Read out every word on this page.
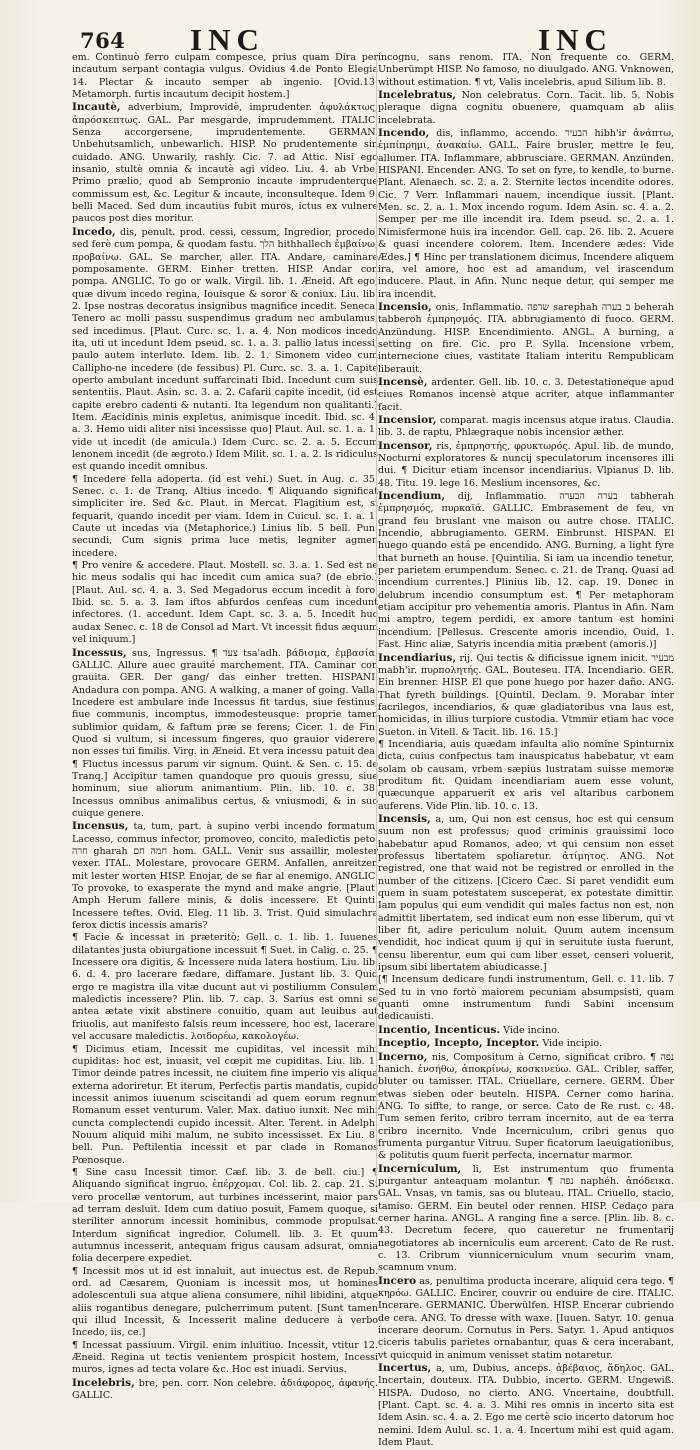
764 INC	INC

em. Continuò ferro culpam compesce, prius quam Dira per incautum serpant contagia vulgus. Ovidius 4.de Ponto Elegia 14. Plectar & incauto semper ab ingenio. [Ovid.13. Metamorph. furtis incautum decipit hostem.]

Incautè, adverbium, Improvidè, imprudenter. ἀφυλάκτως, ἀπρόσκεπτως. GAL. Par mesgarde, imprudemment. ITALIC. Senza accorgersene, imprudentemente. GERMAN. Unbehutsamlich, unbewarlich. HISP. No prudentemente sin cuidado. ANG. Unwarily, rashly. Cic. 7. ad Attic. Nisi ego insanio, stultè omnia & incautè agi video. Liu. 4. ab Vrbe, Primo prælio, quod ab Sempronio incaute imprudenterque commissum est, &c. Legitur & incaute, inconsulteque. Idem 9. belli Maced. Sed dum incautius fubit muros, ictus ex vulnere paucos post dies moritur.

Incedo, dis, penult. prod. cessi, cessum, Ingredior, procedo, sed ferè cum pompa, & quodam fastu. הלך hithhallech ἐμβαίνω, προβαίνω. GAL. Se marcher, aller. ITA. Andare, caminare pomposamente. GERM. Einher tretten. HISP. Andar con pompa. ANGLIC. To go or walk. Virgil. lib. 1. Æneid. Aft ego, quæ divum incedo regina, Iouisque & soror & coniux. Liu. lib. 2. Ipse nostras decoratus insignibus magnifice incedit. Seneca. Tenero ac molli passu suspendimus gradum nec ambulamus, sed incedimus. [Plaut. Curc. sc. 1. a. 4. Non modicos incedo ita, uti ut incedunt Idem pseud. sc. 1. a. 3. pallio latus incessi, paulo autem interluto. Idem. lib. 2. 1. Simonem video cum Callipho-ne incedere (de fessibus) Pl. Curc. sc. 3. a. 1. Capite operto ambulant incedunt suffarcinati Ibid. Incedunt cum suis sententiis. Plaut. Asin. sc. 3. a. 2. Cafarii capite incedit, (id est capite erebro cadenti & nutanti. Ita legendum non qualitanti.) Item. Æacidinis minis expletus, animisque incedit. Ibid. sc. 4. a. 3. Hemo uidi aliter nisi incessisse quo] Plaut. Aul. sc. 1. a. 1. vide ut incedit (de amicula.) Idem Curc. sc. 2. a. 5. Eccum lenonem incedit (de ægroto.) Idem Milit. sc. 1. a. 2. ls ridiculus est quando incedit omnibus.

¶ Incedere fella adoperta. (id est vehi.) Suet. in Aug. c. 35. Senec. c. 1. de Tranq. Altius incedo. ¶ Aliquando significat simpliciter ire. Sed &c. Plaut. in Mercat. Flagitium est, si fequarit, quando incedit per viam. Idem in Cuicul. sc. 1. a. 1. Caute ut incedas via (Metaphorice.) Linius lib. 5 bell. Pun. secundi, Cum signis prima luce metis, legniter agmen incedere.

¶ Pro venire & accedere. Plaut. Mostell. sc. 3. a. 1. Sed est ne hic meus sodalis qui hac incedit cum amica sua? (de ebrio.) [Plaut. Aul. sc. 4. a. 3. Sed Megadorus eccum incedit à foro. Ibid. sc. 5. a. 3. Iam iftos abfurdos cenfeas cum incedunt infectores. (1. accedunt. Idem Capt. sc. 3. a. 5. Incedit huc audax Senec. c. 18 de Consol ad Mart. Vt incessit fidus æquum vel iniquum.]

Incessus, sus, Ingressus. ¶ צעד tsa'adh. βάδισμα, ἐμβασία. GALLIC. Allure auec grauité marchement. ITA. Caminar con grauita. GER. Der gang/ das einher tretten. HISPANI. Andadura con pompa. ANG. A walking, a maner of going. Valla. Incedere est ambulare inde Incessus fit tardus, siue festinus, fiue communis, incomptus, immodesteusque: proprie tamen sublimior quidam, & faftum præ se ferens; Cicer. 1. de Fin. Quod si vultum, si incessum fingeres, quo grauior viderere, non esses tui fimilis. Virg. in Æneid. Et vera incessu patuit dea. ¶ Fluctus incessus parum vir signum. Quint. & Sen. c. 15. de Tranq.] Accipitur tamen quandoque pro quouis gressu, siue hominum, siue aliorum animantium. Plin. lib. 10. c. 38. Incessus omnibus animalibus certus, & vniusmodi, & in suo cuique genere.

Incensus, ta, tum, part. à supino verbi incendo formatum. Lacesso, commus infector, promoveo, concito, maledictis peto. חרה gharah חמה חם hom. GALL. Venir sus assaillir, molester vexer. ITAL. Molestare, provocare GERM. Anfallen, anreitzen mit lester worten HISP. Enojar, de se fiar al enemigo. ANGLIC. To provoke, to exasperate the mynd and make angrie. [Plaut. Amph Herum fallere minis, & dolis incessere. Et Quinti. Incessere teftes. Ovid. Eleg. 11 lib. 3. Trist. Quid simulachra ferox dictis incessis amaris?

¶ Facie & incessat in præteritò; Gell. c. 1. lib. 1. Iuuenes dilatantes justa obiurgatione incessuit ¶ Suet. in Calig. c. 25. ¶ Incessere ora digitis, & Incessere nuda latera hostium. Liu. lib. 6. d. 4. pro lacerare fædare, diffamare. Justant lib. 3. Quid ergo re magistra illa vitæ ducunt aut vi postiliumm Consulem maledictis incessere? Plin. lib. 7. cap. 3. Sarius est omni se antea ætate vixit abstinere conuitio, quam aut leuibus aut friuolis, aut manifesto falsis reum incessere, hoc est, lacerare, vel accusare maledictis. λοιδορέω, κακολογέω.

¶ Dicimus etiam, Incessit me cupiditas, vel incessit mihi cupiditas: hoc est, inuasit, vel cœpit me cupiditas. Liu. lib. 1. Timor deinde patres incessit, ne ciuitem fine imperio vis aliqua externa adoriretur. Et iterum, Perfectis partis mandatis, cupido incessit animos iuuenum sciscitandi ad quem eorum regnum Romanum esset venturum. Valer. Max. datiuo iunxit. Nec mihi cuncta complectendi cupido incessit. Alter. Terent. in Adelph. Nouum aliquid mihi malum, ne subito incessisset. Ex Liu. 8. bell. Pun. Peftilentia incessit et par clade in Romanos Pœnosque.

¶ Sine casu Incessit timor. Cæf. lib. 3. de bell. ciu.] ¶ Aliquando significat ingruo. ἐπέρχομαι. Col. lib. 2. cap. 21. Si vero procellæ ventorum, aut turbines incesserint, maior pars ad terram desluit. Idem cum datiuo posuit, Famem quoque, si steriliter annorum incessit hominibus, commode propulsat. Interdum significat ingredior. Columell. lib. 3. Et quum autumnus incesserit, antequam frigus causam adsurat, omnia folia decerpere expediet.

¶ Incessit mos ut id est innaluit, aut inuectus est. de Repub. ord. ad Cæsarem, Quoniam is incessit mos, ut homines adolescentuli sua atque aliena consumere, nihil libidini, atque aliis rogantibus denegare, pulcherrimum putent. [Sunt tamen qui illud Incessit, & Incesserit maline deducere à verbo Incedo, iis, ce.]

¶ Incessat passiuum. Virgil. enim inluitiuo. Incessit, vtitur 12. Æneid. Regina ut tectis venientem prospicit hostem, Incessi muros, ignes ad tecta volare &c. Hoc est inuadi. Servius.

Incelebris, bre, pen. corr. Non celebre. ἀδιάφορος, ἀφανής. GALLIC.

incognu, sans renom. ITA. Non frequente co. GERM. Unberümpt HISP. No famoso, no diuulgado. ANG. Vnknowen, without estimation. ¶ vt, Valis incelebris. apud Silium lib. 8.

Incelebratus, Non celebratus. Corn. Tacit. lib. 5. Nobis pleraque digna cognitu obuenere, quamquam ab aliis incelebrata.

Incendo, dis, inflammo, accendo. הבעיר hibh'ir ἀνάπτω, ἐμπίπρημι, ἀνακαίω. GALL. Faire brusler, mettre le feu, allumer. ITA. Inflammare, abbrusciare. GERMAN. Anzünden. HISPANI. Encender. ANG. To set on fyre, to kendle, to burne. Plant. Alenaech. sc. 2. a. 2. Sternite lectos incendite odores. Cic. 7 Verr. Inflammari nauem, incendique iussit. [Plant. Men. sc. 2. a. 1. Mox incendo rogum. Idem Asin. sc. 4. a. 2. Semper per me ille incendit ira. Idem pseud. sc. 2. a. 1. Nimisfermone huis ira incendor. Gell. cap. 26. lib. 2. Acuere & quasi incendere colorem. Item. Incendere ædes: Vide Ædes.] ¶ Hinc per translationem dicimus, Incendere aliquem ira, vel amore, hoc est ad amandum, vel irascendum inducere. Plaut. in Afin. Nunc neque detur, qui semper me ira incendit.

Incensio, onis, Inflammatio. שרפה sarephah ב בערה beherah tabberoh ἐμπρησμός. ITA. abbrugiamento di fuoco. GERM. Anzündung. HISP. Encendimiento. ANGL. A burning, a setting on fire. Cic. pro P. Sylla. Incensione vrbem, internecione ciues, vastitate Italiam interitu Rempublicam liberauit.

Incensè, ardenter. Gell. lib. 10. c. 3. Detestationeque apud ciues Romanos incensè atque acriter, atque inflammanter facit.

Incensior, comparat. magis incensus atque iratus. Claudia. lib. 3. de raptu, Phlægraque nobis incensior æther.

Incensor, ris, ἐμπρηστής, φρυκτωρός. Apul. lib. de mundo, Nocturni exploratores & nuncij speculatorum incensores illi dui. ¶ Dicitur etiam incensor incendiarius. Vlpianus D. lib. 48. Titu. 19. lege 16. Meslium incensores, &c.

Incendium, dij, Inflammatio. בערה הבערה tabherah ἐμπρησμός, πυρκαϊά. GALLIC. Embrasement de feu, vn grand feu bruslant vne maison ou autre chose. ITALIC. Incendio, abbrugiamento. GERM. Einbrunst. HISPAN. El huego quando está pe encendido. ANG. Burning, a light fyre that burneth an house. [Quintilia. Si iam ua incendio tenetur, per parietem erumpendum. Senec. c. 21. de Tranq. Quasi ad incendium currentes.] Plinius lib. 12. cap. 19. Donec in delubrum incendio consumptum est. ¶ Per metaphoram etiam accipitur pro vehementia amoris. Plantus in Afin. Nam mi amptro, tegem perdidi, ex amore tantum est homini incendium. [Pellesus. Crescente amoris incendio. Ouid. 1. Fast. Hinc aliæ, Satyris incendia mitia præbent (amoris.)]

Incendiarius, rij. Qui tectis & dificissue ignem inicit. מבעיר mabh'ir. πυρπολητής. GAL. Bouteseu. ITA. Incendiario. GER. Ein brenner. HISP. El que pone huego por hazer daño. ANG. That fyreth buildings. [Quintil. Declam. 9. Morabar inter facrilegos, incendiarios, & quæ gladiatoribus vna laus est, homicidas, in illius turpiore custodia. Vtmmir etiam hac voce Sueton. in Vitell. & Tacit. lib. 16. 15.]

¶ Incendiaria, auis quædam infaulta alio nomine Spinturnix dicta, cuius confpectus tam inauspicatus habebatur, vt eam solam ob causam, vrbem sæpius lustratam suisse memoræ proditum fit. Quidam incendiariam auem esse volunt, quæcunque apparuerit ex aris vel altaribus carbonem auferens. Vide Plin. lib. 10. c. 13.

Incensis, a, um, Qui non est census, hoc est qui censum suum non est professus; quod criminis grauissimi loco habebatur apud Romanos, adeo, vt qui censum non esset professus libertatem spoliaretur. ἀτίμητος. ANG. Not registred, one that waid not be registred or enrolled in the number of the citizens. [Cicero Cæc. Si paret vendidit eum quem in suam potestatem susceperat, ex potestate dimittir. Iam populus qui eum vendidit qui males factus non est, non admittit libertatem, sed indicat eum non esse liberum, qui vt liber fit, adire periculum noluit. Quum autem incensum vendidit, hoc indicat quum ij qui in seruitute iusta fuerunt, censu liberentur, eum qui cum liber esset, censeri voluerit, ipsum sibi libertatem abiudicasse.]

[¶ Incensum dedicare fundi instrumentum, Gell. c. 11. lib. 7 Sed tu in vno fortò maiorem pecuniam absumpsisti, quam quanti omne instrumentum fundi Sabini incensum dedicauisti.

Incentio, Incenticus. Vide incino.

Inceptio, Incepto, Inceptor. Vide incipio.

Incerno, nis, Compositum à Cerno, significat cribro. ¶ נפה hanich. ἐνσήθω, ἀποκρίνω, κοσκινεύω. GAL. Cribler, saffer, bluter ou tamisser. ITAL. Criuellare, cernere. GERM. Über etwas sieben oder beuteln. HISPA. Cerner como harina. ANG. To siffte, to range, or serce. Cato de Re rust. c. 48. Tum semen ferito, cribro terram incernito, aut de ea terra cribro incernito. Vnde Incerniculum, cribri genus quo frumenta purgantur Vitruu. Super ficatorum laeuigationibus, & politutis quum fuerit perfecta, incernatur marmor.

Incerniculum, li, Est instrumentum quo frumenta purgantur anteaquam molantur. ¶ נפה naphéh. ἀπόδεικα. GAL. Vnsas, vn tamis, sas ou bluteau. ITAL. Criuello, stacio, tamiso. GERM. Ein beutel oder rennen. HISP. Cedaço para cerner harina. ANGL. A ranging fine a serce. [Plin. lib. 8. c. 43. Decretum fecere, quo caueretur ne frumentarij negotiatores ab incerniculis eum arcerent. Cato de Re rust. c. 13. Cribrum viunnicerniculum vnum securim vnam, scamnum vnum.

Incero as, penultima producta incerare, aliquid cera tego. ¶ κηρόω. GALLIC. Encirer, couvrir ou enduire de cire. ITALIC. Incerare. GERMANIC. Überwülfen. HISP. Encerar cubriendo de cera. ANG. To dresse with waxe. [Iuuen. Satyr. 10. genua incerare deorum. Cornutus in Pers. Satyr. 1. Apud antiquos ciceris tabulis parietes ornabantur, quas & cera incerabant, vt quicquid in animum venisset statim notaretur.

Incertus, a, um, Dubius, anceps. ἀβέβαιος, ἄδηλος. GAL. Incertain, douteux. ITA. Dubbio, incerto. GERM. Ungewiß. HISPA. Dudoso, no cierto. ANG. Vncertaine, doubtfull. [Plant. Capt. sc. 4. a. 3. Mihi res omnis in incerto sita est Idem Asin. sc. 4. a. 2. Ego me certè scio incerto datorum hoc nemini. Idem Aulul. sc. 1. a. 4. Incertum mihi est quid agam. Idem Plaut.
